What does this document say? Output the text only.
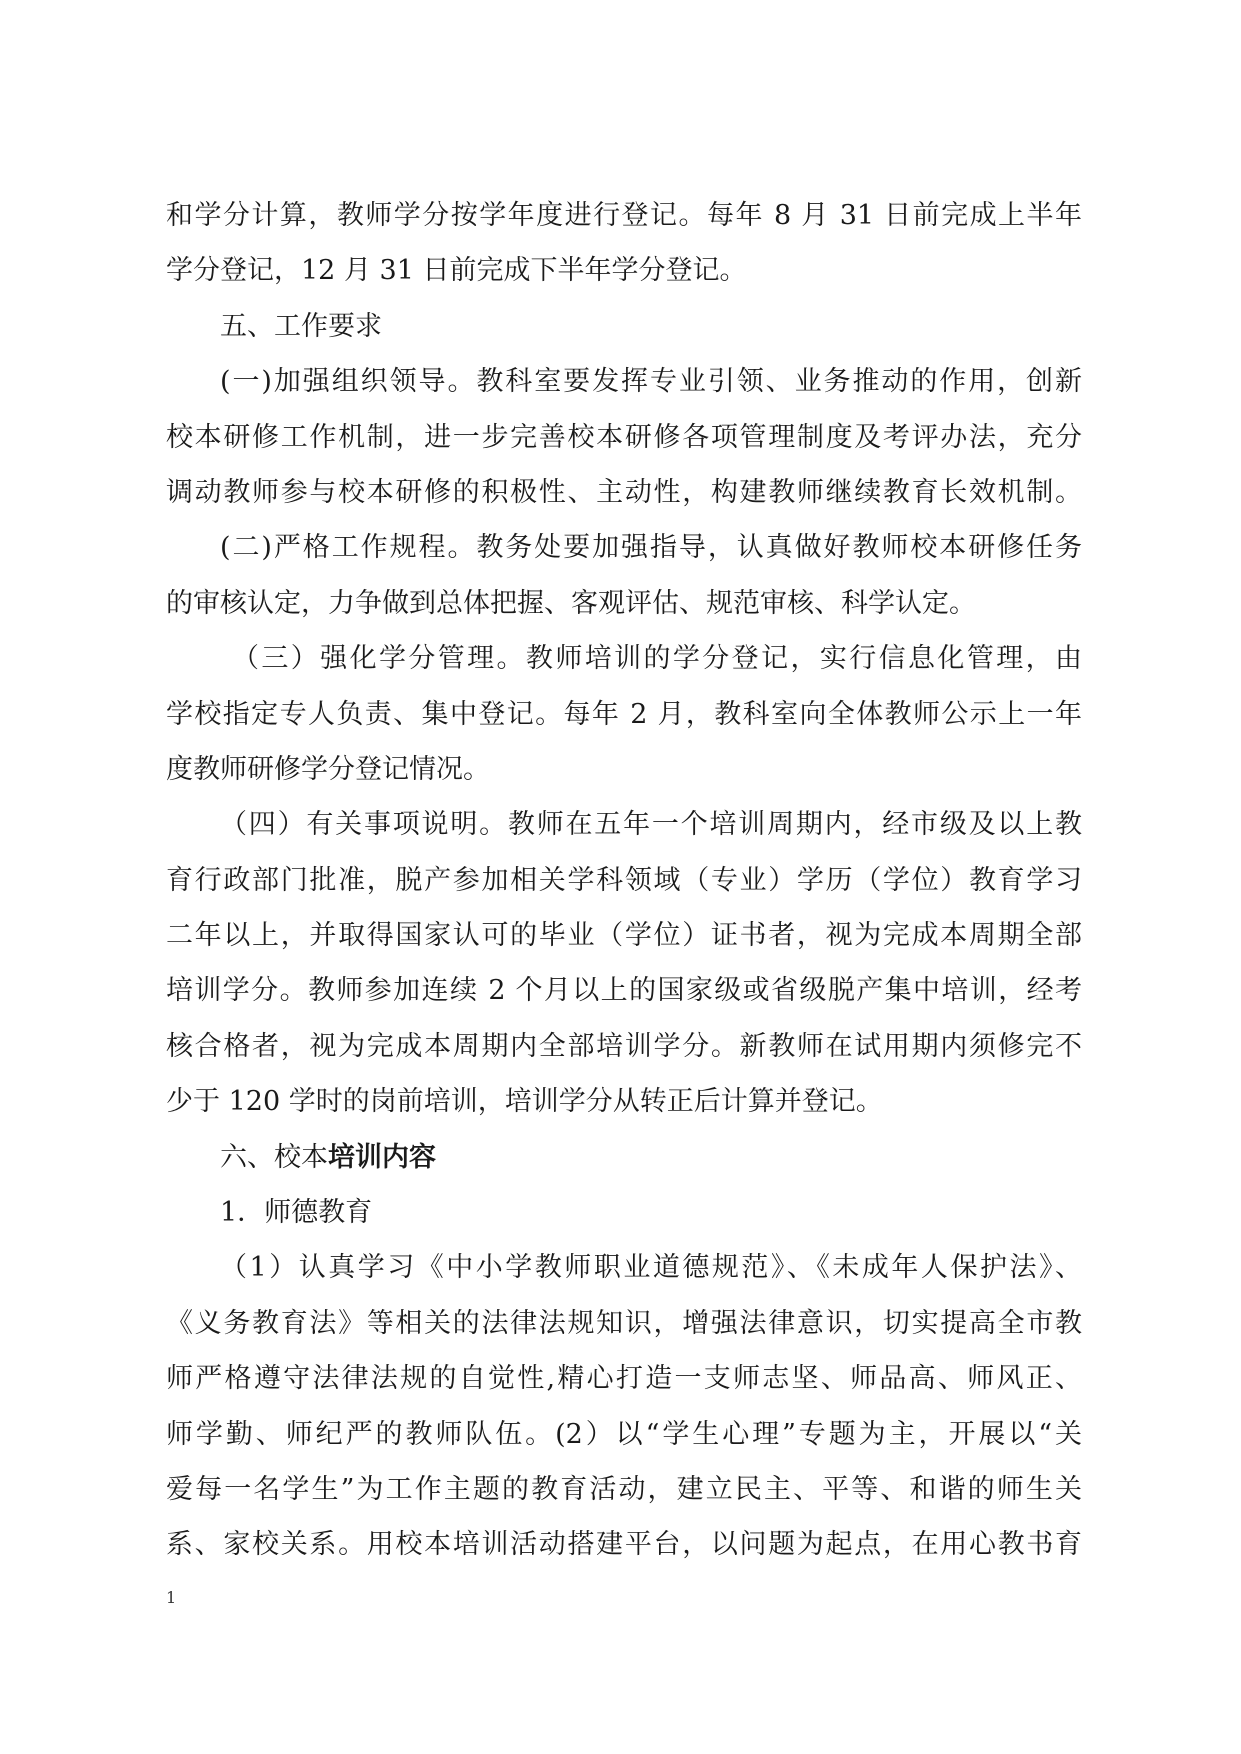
和学分计算，教师学分按学年度进行登记。每年 8 月 31 日前完成上半年
学分登记，12 月 31 日前完成下半年学分登记。
五、工作要求
(一)加强组织领导。教科室要发挥专业引领、业务推动的作用，创新
校本研修工作机制，进一步完善校本研修各项管理制度及考评办法，充分
调动教师参与校本研修的积极性、主动性，构建教师继续教育长效机制。
(二)严格工作规程。教务处要加强指导，认真做好教师校本研修任务
的审核认定，力争做到总体把握、客观评估、规范审核、科学认定。
（三）强化学分管理。教师培训的学分登记，实行信息化管理，由
学校指定专人负责、集中登记。每年 2 月，教科室向全体教师公示上一年
度教师研修学分登记情况。
（四）有关事项说明。教师在五年一个培训周期内，经市级及以上教
育行政部门批准，脱产参加相关学科领域（专业）学历（学位）教育学习
二年以上，并取得国家认可的毕业（学位）证书者，视为完成本周期全部
培训学分。教师参加连续 2 个月以上的国家级或省级脱产集中培训，经考
核合格者，视为完成本周期内全部培训学分。新教师在试用期内须修完不
少于 120 学时的岗前培训，培训学分从转正后计算并登记。
六、校本培训内容
1．师德教育
（1）认真学习《中小学教师职业道德规范》、《未成年人保护法》、
《义务教育法》等相关的法律法规知识，增强法律意识，切实提高全市教
师严格遵守法律法规的自觉性,精心打造一支师志坚、师品高、师风正、
师学勤、师纪严的教师队伍。(2）以“学生心理”专题为主，开展以“关
爱每一名学生”为工作主题的教育活动，建立民主、平等、和谐的师生关
系、家校关系。用校本培训活动搭建平台，以问题为起点，在用心教书育
1
